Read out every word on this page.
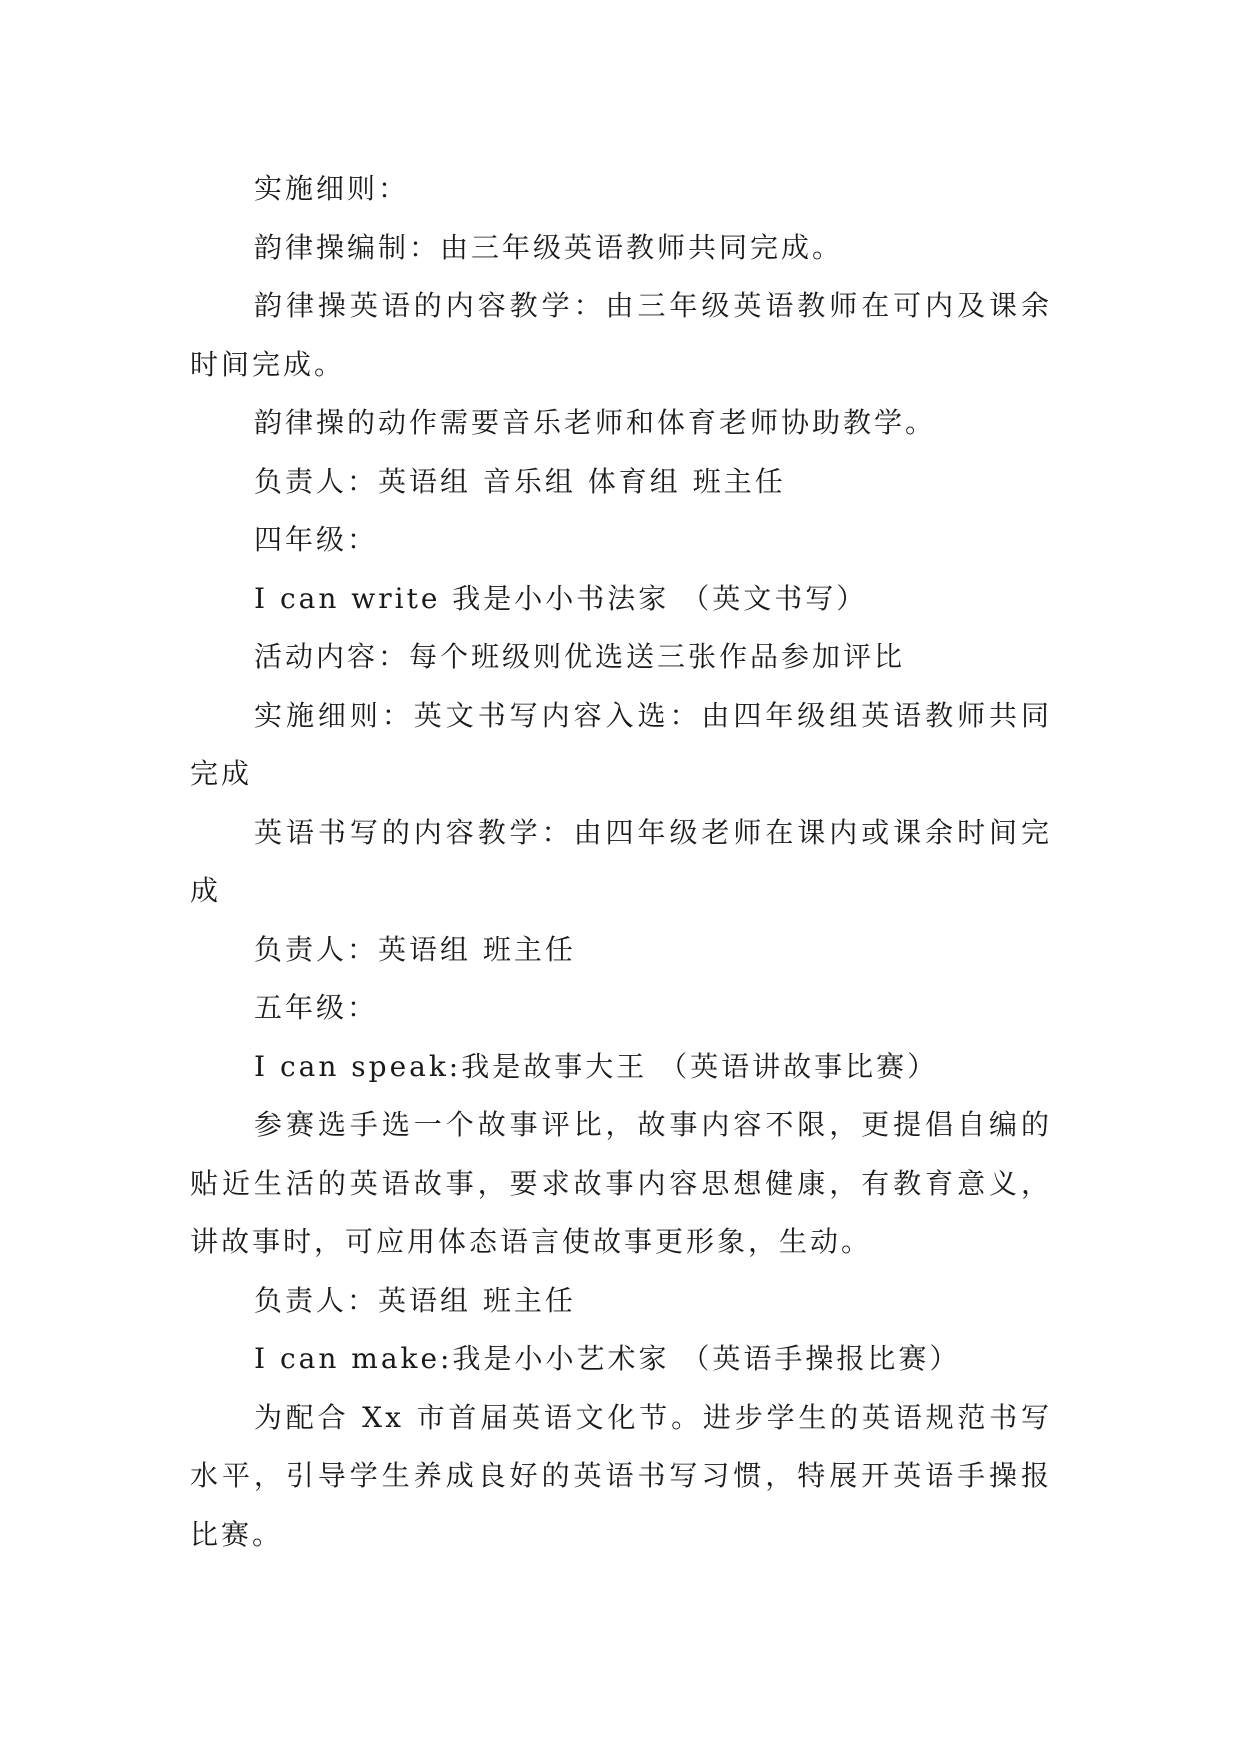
实施细则：

韵律操编制：由三年级英语教师共同完成。

韵律操英语的内容教学：由三年级英语教师在可内及课余时间完成。

韵律操的动作需要音乐老师和体育老师协助教学。

负责人：英语组 音乐组 体育组 班主任

四年级：

I can write 我是小小书法家 （英文书写）

活动内容：每个班级则优选送三张作品参加评比

实施细则：英文书写内容入选：由四年级组英语教师共同完成

英语书写的内容教学：由四年级老师在课内或课余时间完成

负责人：英语组 班主任

五年级：

I can speak:我是故事大王 （英语讲故事比赛）

参赛选手选一个故事评比，故事内容不限，更提倡自编的贴近生活的英语故事，要求故事内容思想健康，有教育意义，讲故事时，可应用体态语言使故事更形象，生动。

负责人：英语组 班主任

I can make:我是小小艺术家 （英语手操报比赛）

为配合 Xx 市首届英语文化节。进步学生的英语规范书写水平，引导学生养成良好的英语书写习惯，特展开英语手操报比赛。
